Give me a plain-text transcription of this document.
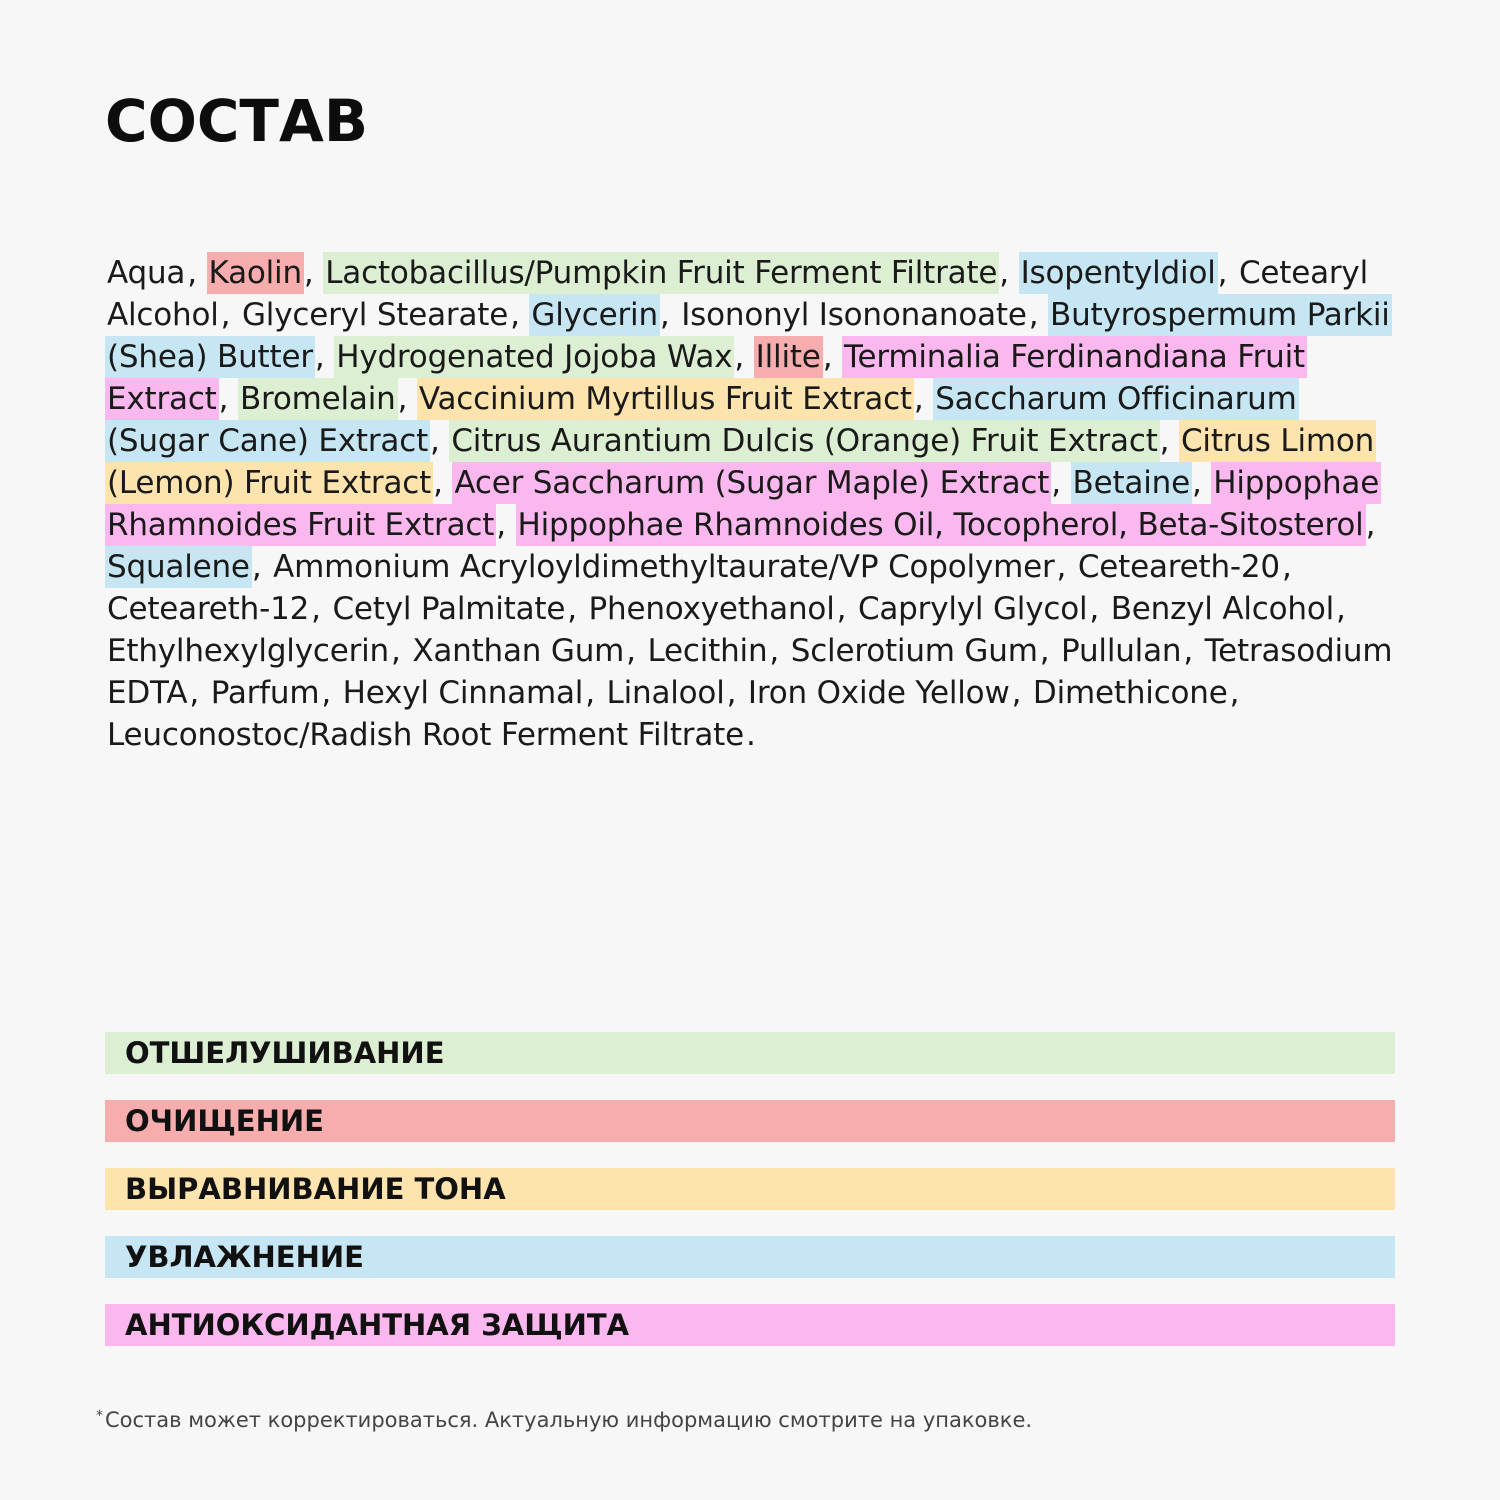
СОСТАВ

Aqua, Kaolin, Lactobacillus/Pumpkin Fruit Ferment Filtrate, Isopentyldiol, Cetearyl Alcohol, Glyceryl Stearate, Glycerin, Isononyl Isononanoate, Butyrospermum Parkii (Shea) Butter, Hydrogenated Jojoba Wax, Illite, Terminalia Ferdinandiana Fruit Extract, Bromelain, Vaccinium Myrtillus Fruit Extract, Saccharum Officinarum (Sugar Cane) Extract, Citrus Aurantium Dulcis (Orange) Fruit Extract, Citrus Limon (Lemon) Fruit Extract, Acer Saccharum (Sugar Maple) Extract, Betaine, Hippophae Rhamnoides Fruit Extract, Hippophae Rhamnoides Oil, Tocopherol, Beta-Sitosterol, Squalene, Ammonium Acryloyldimethyltaurate/VP Copolymer, Ceteareth-20, Ceteareth-12, Cetyl Palmitate, Phenoxyethanol, Caprylyl Glycol, Benzyl Alcohol, Ethylhexylglycerin, Xanthan Gum, Lecithin, Sclerotium Gum, Pullulan, Tetrasodium EDTA, Parfum, Hexyl Cinnamal, Linalool, Iron Oxide Yellow, Dimethicone, Leuconostoc/Radish Root Ferment Filtrate.

ОТШЕЛУШИВАНИЕ
ОЧИЩЕНИЕ
ВЫРАВНИВАНИЕ ТОНА
УВЛАЖНЕНИЕ
АНТИОКСИДАНТНАЯ ЗАЩИТА
*Состав может корректироваться. Актуальную информацию смотрите на упаковке.
